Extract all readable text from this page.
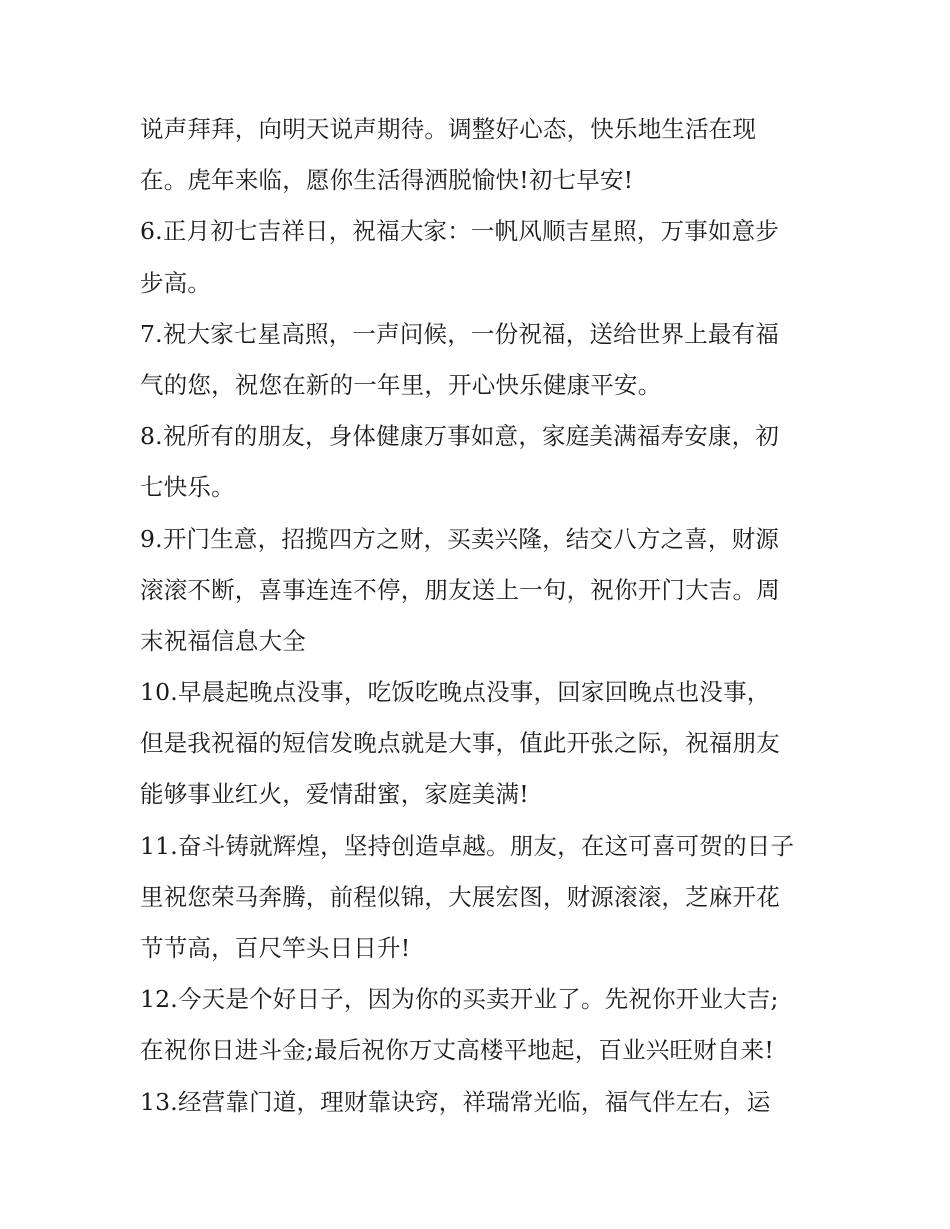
说声拜拜，向明天说声期待。调整好心态，快乐地生活在现
在。虎年来临，愿你生活得洒脱愉快!初七早安!
6.正月初七吉祥日，祝福大家：一帆风顺吉星照，万事如意步
步高。
7.祝大家七星高照，一声问候，一份祝福，送给世界上最有福
气的您，祝您在新的一年里，开心快乐健康平安。
8.祝所有的朋友，身体健康万事如意，家庭美满福寿安康，初
七快乐。
9.开门生意，招揽四方之财，买卖兴隆，结交八方之喜，财源
滚滚不断，喜事连连不停，朋友送上一句，祝你开门大吉。周
末祝福信息大全
10.早晨起晚点没事，吃饭吃晚点没事，回家回晚点也没事，
但是我祝福的短信发晚点就是大事，值此开张之际，祝福朋友
能够事业红火，爱情甜蜜，家庭美满!
11.奋斗铸就辉煌，坚持创造卓越。朋友，在这可喜可贺的日子
里祝您荣马奔腾，前程似锦，大展宏图，财源滚滚，芝麻开花
节节高，百尺竿头日日升!
12.今天是个好日子，因为你的买卖开业了。先祝你开业大吉;
在祝你日进斗金;最后祝你万丈高楼平地起，百业兴旺财自来!
13.经营靠门道，理财靠诀窍，祥瑞常光临，福气伴左右，运
